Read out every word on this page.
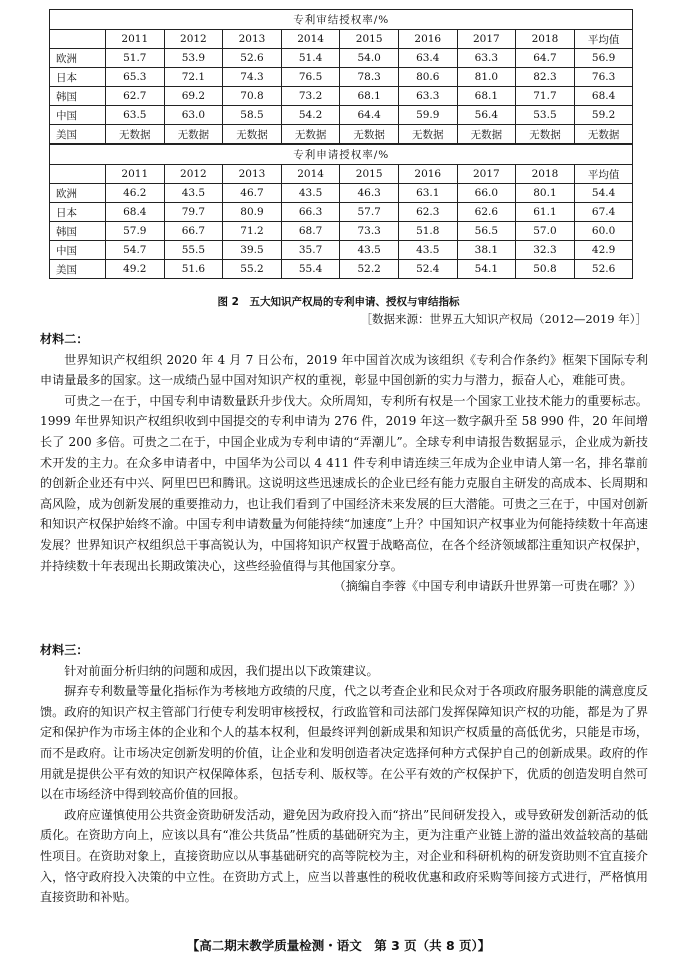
专利审结授权率/%									
	2011	2012	2013	2014	2015	2016	2017	2018	平均值
欧洲	51.7	53.9	52.6	51.4	54.0	63.4	63.3	64.7	56.9
日本	65.3	72.1	74.3	76.5	78.3	80.6	81.0	82.3	76.3
韩国	62.7	69.2	70.8	73.2	68.1	63.3	68.1	71.7	68.4
中国	63.5	63.0	58.5	54.2	64.4	59.9	56.4	53.5	59.2
美国	无数据	无数据	无数据	无数据	无数据	无数据	无数据	无数据	无数据
专利申请授权率/%									
	2011	2012	2013	2014	2015	2016	2017	2018	平均值
欧洲	46.2	43.5	46.7	43.5	46.3	63.1	66.0	80.1	54.4
日本	68.4	79.7	80.9	66.3	57.7	62.3	62.6	61.1	67.4
韩国	57.9	66.7	71.2	68.7	73.3	51.8	56.5	57.0	60.0
中国	54.7	55.5	39.5	35.7	43.5	43.5	38.1	32.3	42.9
美国	49.2	51.6	55.2	55.4	52.2	52.4	54.1	50.8	52.6
图 2　五大知识产权局的专利申请、授权与审结指标
［数据来源：世界五大知识产权局（2012—2019 年）］

材料二：

世界知识产权组织 2020 年 4 月 7 日公布，2019 年中国首次成为该组织《专利合作条约》框架下国际专利申请量最多的国家。这一成绩凸显中国对知识产权的重视，彰显中国创新的实力与潜力，振奋人心，难能可贵。

可贵之一在于，中国专利申请数量跃升步伐大。众所周知，专利所有权是一个国家工业技术能力的重要标志。1999 年世界知识产权组织收到中国提交的专利申请为 276 件，2019 年这一数字飙升至 58 990 件，20 年间增长了 200 多倍。可贵之二在于，中国企业成为专利申请的“弄潮儿”。全球专利申请报告数据显示，企业成为新技术开发的主力。在众多申请者中，中国华为公司以 4 411 件专利申请连续三年成为企业申请人第一名，排名靠前的创新企业还有中兴、阿里巴巴和腾讯。这说明这些迅速成长的企业已经有能力克服自主研发的高成本、长周期和高风险，成为创新发展的重要推动力，也让我们看到了中国经济未来发展的巨大潜能。可贵之三在于，中国对创新和知识产权保护始终不渝。中国专利申请数量为何能持续“加速度”上升？中国知识产权事业为何能持续数十年高速发展？世界知识产权组织总干事高锐认为，中国将知识产权置于战略高位，在各个经济领域都注重知识产权保护，并持续数十年表现出长期政策决心，这些经验值得与其他国家分享。

（摘编自李蓉《中国专利申请跃升世界第一可贵在哪？》）

材料三：

针对前面分析归纳的问题和成因，我们提出以下政策建议。

摒弃专利数量等量化指标作为考核地方政绩的尺度，代之以考查企业和民众对于各项政府服务职能的满意度反馈。政府的知识产权主管部门行使专利发明审核授权，行政监管和司法部门发挥保障知识产权的功能，都是为了界定和保护作为市场主体的企业和个人的基本权利，但最终评判创新成果和知识产权质量的高低优劣，只能是市场，而不是政府。让市场决定创新发明的价值，让企业和发明创造者决定选择何种方式保护自己的创新成果。政府的作用就是提供公平有效的知识产权保障体系，包括专利、版权等。在公平有效的产权保护下，优质的创造发明自然可以在市场经济中得到较高价值的回报。

政府应谨慎使用公共资金资助研发活动，避免因为政府投入而“挤出”民间研发投入，或导致研发创新活动的低质化。在资助方向上，应该以具有“准公共货品”性质的基础研究为主，更为注重产业链上游的溢出效益较高的基础性项目。在资助对象上，直接资助应以从事基础研究的高等院校为主，对企业和科研机构的研发资助则不宜直接介入，恪守政府投入决策的中立性。在资助方式上，应当以普惠性的税收优惠和政府采购等间接方式进行，严格慎用直接资助和补贴。

【高二期末教学质量检测・语文　第 3 页（共 8 页）】
